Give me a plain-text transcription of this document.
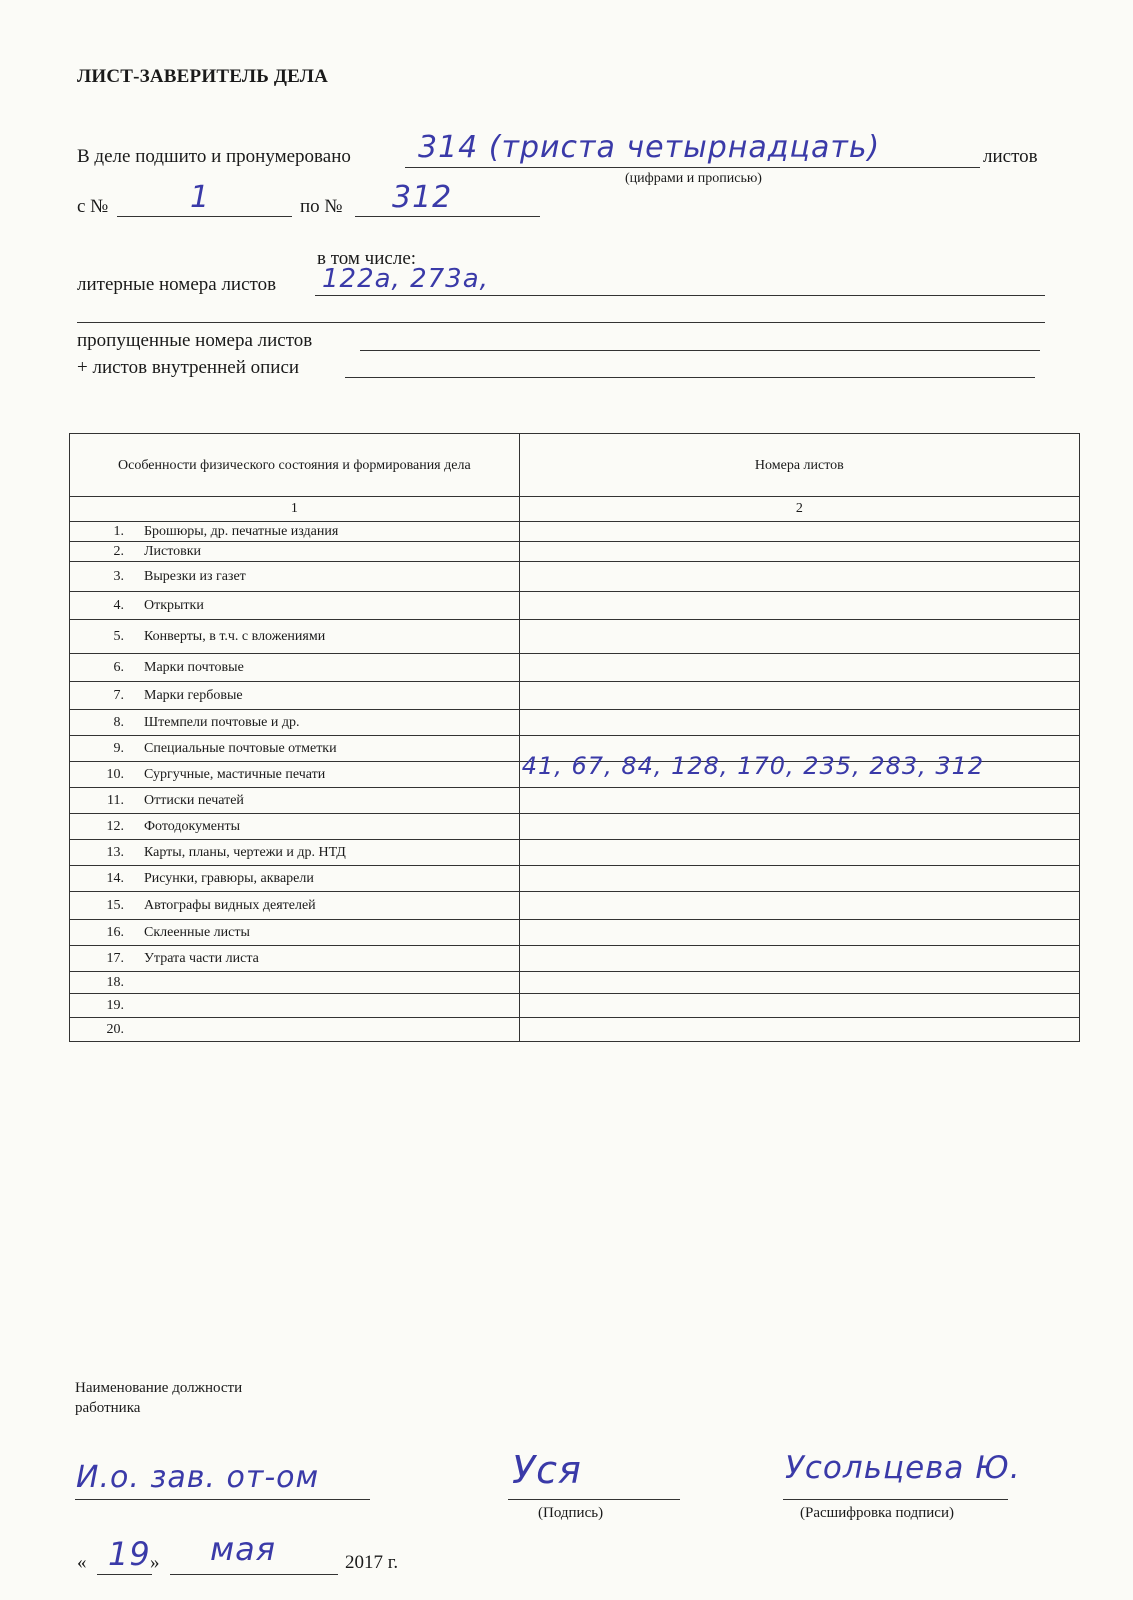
ЛИСТ-ЗАВЕРИТЕЛЬ ДЕЛА
В деле подшито и пронумеровано 314 (триста четырнадцать)	листов
(цифрами и прописью)
с №	1	по № 312
в том числе:
литерные номера листов 122а, 273а,
пропущенные номера листов
+ листов внутренней описи
Особенности физического состояния и формирования дела	Номера листов
1	2
1. Брошюры, др. печатные издания	

2. Листовки	

3. Вырезки из газет	

4. Открытки	

5. Конверты, в т.ч. с вложениями	

6. Марки почтовые	

7. Марки гербовые	

8. Штемпели почтовые и др.	

9. Специальные почтовые отметки	

10. Сургучные, мастичные печати	41, 67, 84, 128, 170, 235, 283, 312

11. Оттиски печатей	

12. Фотодокументы	

13. Карты, планы, чертежи и др. НТД	

14. Рисунки, гравюры, акварели	

15. Автографы видных деятелей	

16. Склеенные листы	

17. Утрата части листа	

18.	

19.	

20.	
Наименование должности
работника
И.о. зав. от-ом	Уся
(Подпись)
Усольцева Ю.
(Расшифровка подписи)
« 19 » мая	2017 г.
